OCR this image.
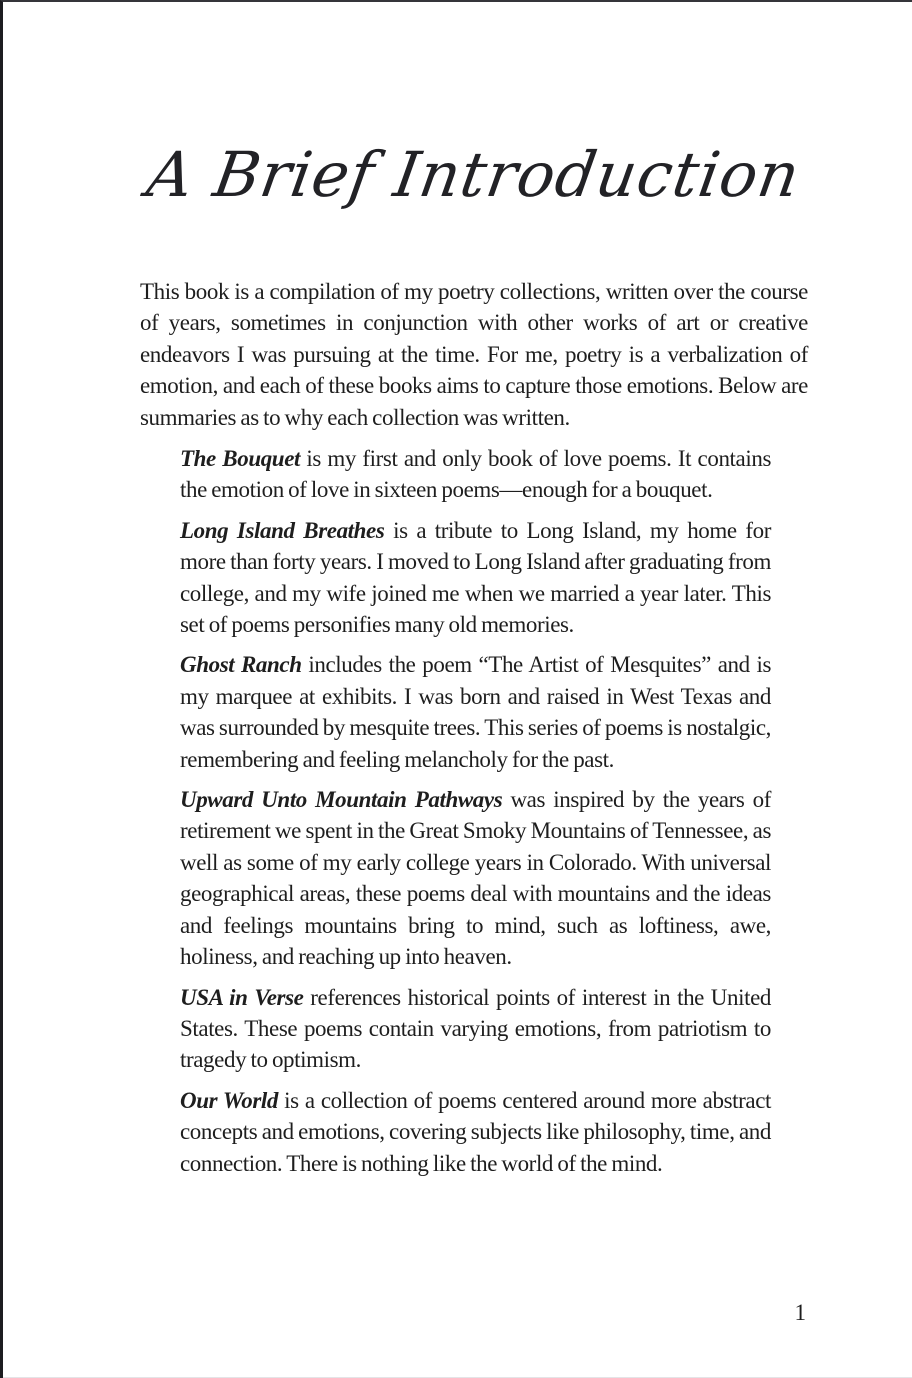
A Brief Introduction

This book is a compilation of my poetry collections, written over the course of years, sometimes in conjunction with other works of art or creative endeavors I was pursuing at the time. For me, poetry is a verbalization of emotion, and each of these books aims to capture those emotions. Below are summaries as to why each collection was written.

The Bouquet is my first and only book of love poems. It contains the emotion of love in sixteen poems—enough for a bouquet.

Long Island Breathes is a tribute to Long Island, my home for more than forty years. I moved to Long Island after graduating from college, and my wife joined me when we married a year later. This set of poems personifies many old memories.

Ghost Ranch includes the poem “The Artist of Mesquites” and is my marquee at exhibits. I was born and raised in West Texas and was surrounded by mesquite trees. This series of poems is nostalgic, remembering and feeling melancholy for the past.

Upward Unto Mountain Pathways was inspired by the years of retirement we spent in the Great Smoky Mountains of Tennessee, as well as some of my early college years in Colorado. With universal geographical areas, these poems deal with mountains and the ideas and feelings mountains bring to mind, such as loftiness, awe, holiness, and reaching up into heaven.

USA in Verse references historical points of interest in the United States. These poems contain varying emotions, from patriotism to tragedy to optimism.

Our World is a collection of poems centered around more abstract concepts and emotions, covering subjects like philosophy, time, and connection. There is nothing like the world of the mind.

1
